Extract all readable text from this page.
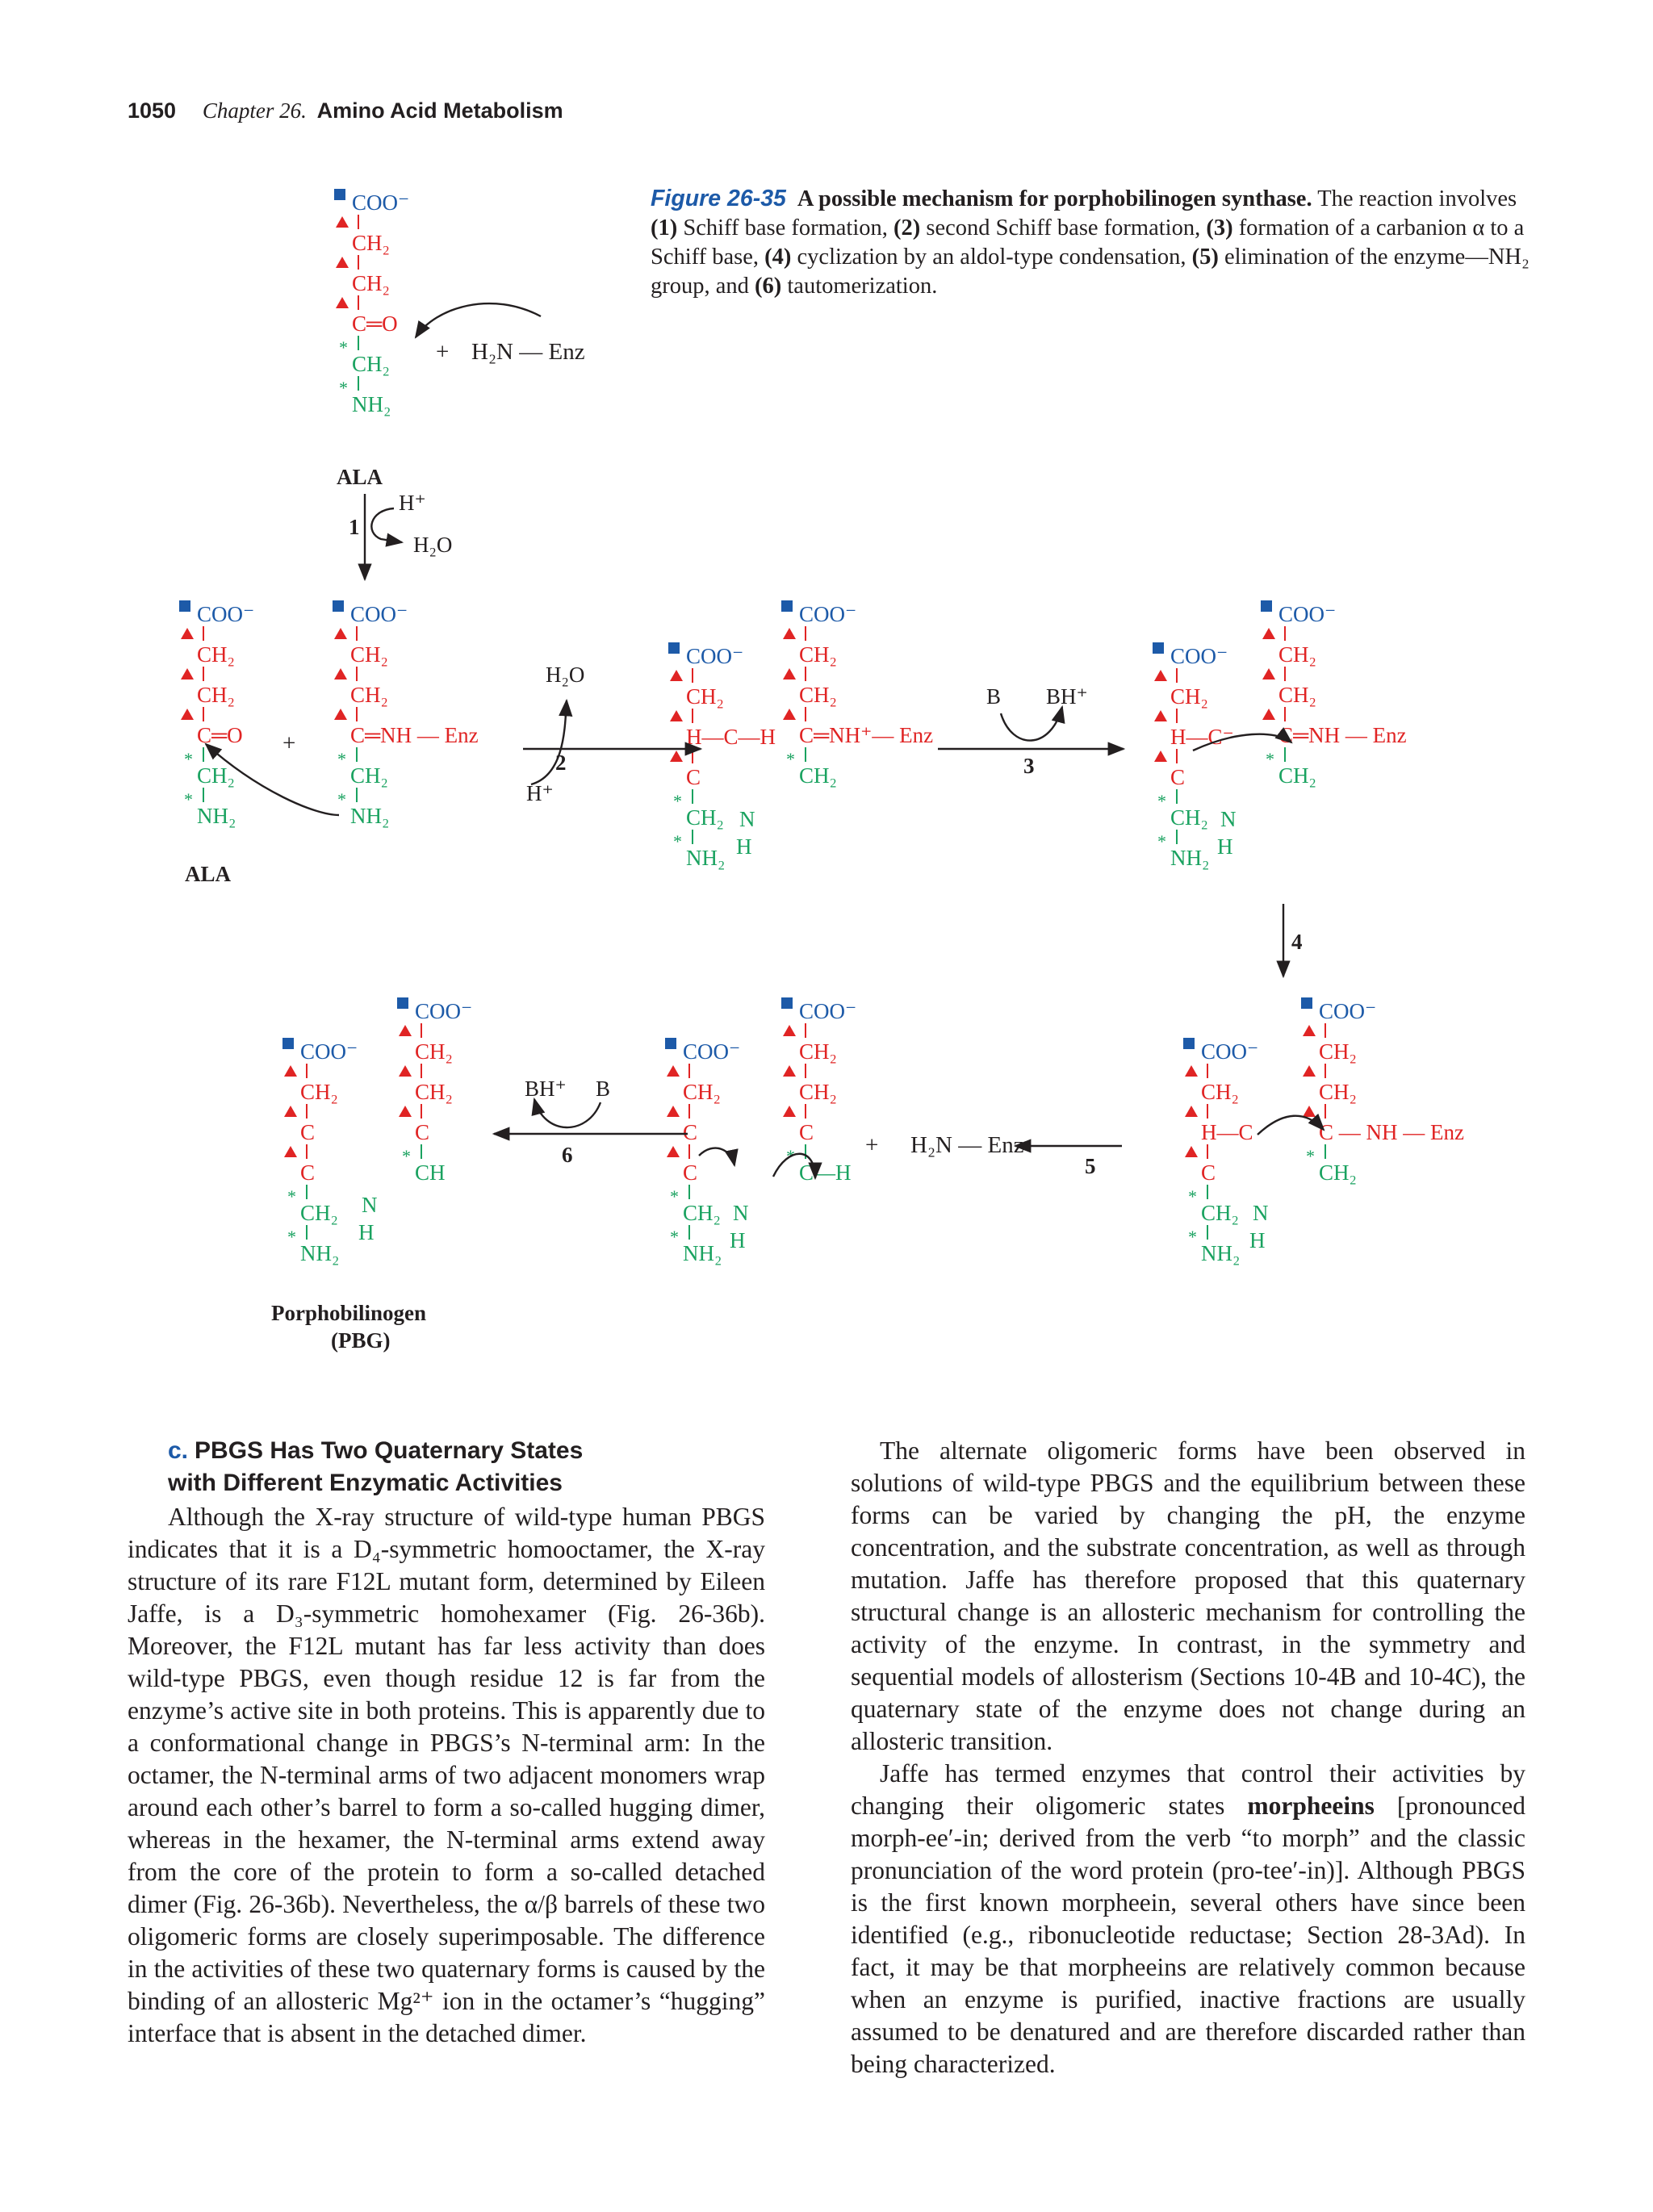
1050 Chapter 26. Amino Acid Metabolism
Figure 26-35 A possible mechanism for porphobilinogen synthase. The reaction involves (1) Schiff base formation, (2) second Schiff base formation, (3) formation of a carbanion α to a Schiff base, (4) cyclization by an aldol-type condensation, (5) elimination of the enzyme—NH₂ group, and (6) tautomerization.
COO⁻
CH₂
CH₂
C═O
*
CH₂
*
NH₂
COO⁻
CH₂
CH₂
C═O
*
CH₂
*
NH₂
COO⁻
CH₂
CH₂
C═NH — Enz
*
CH₂
*
NH₂
COO⁻
CH₂
H—C—H
C
*
CH₂
*
NH₂
COO⁻
CH₂
CH₂
C═NH⁺— Enz
*
CH₂
COO⁻
CH₂
H—C⁻
C
*
CH₂
*
NH₂
COO⁻
CH₂
CH₂
C═NH — Enz
*
CH₂
COO⁻
CH₂
H—C
C
*
CH₂
*
NH₂
COO⁻
CH₂
CH₂
C — NH — Enz
*
CH₂
COO⁻
CH₂
C
C
*
CH₂
*
NH₂
COO⁻
CH₂
CH₂
C
*
C—H
COO⁻
CH₂
C
C
*
CH₂
*
NH₂
COO⁻
CH₂
CH₂
C
*
CH
N
H
N
H
N
H
N
H
N
H
ALA
ALA
Porphobilinogen
(PBG)
H₂N — Enz
+
+
+ H₂N — Enz
H⁺
H₂O
H₂O
H⁺
B BH⁺
BH⁺ B
1
2	3
4
5
6
c. PBGS Has Two Quaternary States
with Different Enzymatic Activities

Although the X-ray structure of wild-type human PBGS indicates that it is a D₄-symmetric homooctamer, the X-ray structure of its rare F12L mutant form, determined by Eileen Jaffe, is a D₃-symmetric homohexamer (Fig. 26-36b). Moreover, the F12L mutant has far less activity than does wild-type PBGS, even though residue 12 is far from the enzyme’s active site in both proteins. This is apparently due to a conformational change in PBGS’s N-terminal arm: In the octamer, the N-terminal arms of two adjacent monomers wrap around each other’s barrel to form a so-called hugging dimer, whereas in the hexamer, the N-terminal arms extend away from the core of the protein to form a so-called detached dimer (Fig. 26-36b). Nevertheless, the α/β barrels of these two oligomeric forms are closely superimposable. The difference in the activities of these two quaternary forms is caused by the binding of an allosteric Mg²⁺ ion in the octamer’s “hugging” interface that is absent in the detached dimer.

The alternate oligomeric forms have been observed in solutions of wild-type PBGS and the equilibrium between these forms can be varied by changing the pH, the enzyme concentration, and the substrate concentration, as well as through mutation. Jaffe has therefore proposed that this quaternary structural change is an allosteric mechanism for controlling the activity of the enzyme. In contrast, in the symmetry and sequential models of allosterism (Sections 10-4B and 10-4C), the quaternary state of the enzyme does not change during an allosteric transition.

Jaffe has termed enzymes that control their activities by changing their oligomeric states morpheeins [pronounced morph-ee′-in; derived from the verb “to morph” and the classic pronunciation of the word protein (pro-tee′-in)]. Although PBGS is the first known morpheein, several others have since been identified (e.g., ribonucleotide reductase; Section 28-3Ad). In fact, it may be that morpheeins are relatively common because when an enzyme is purified, inactive fractions are usually assumed to be denatured and are therefore discarded rather than being characterized.
